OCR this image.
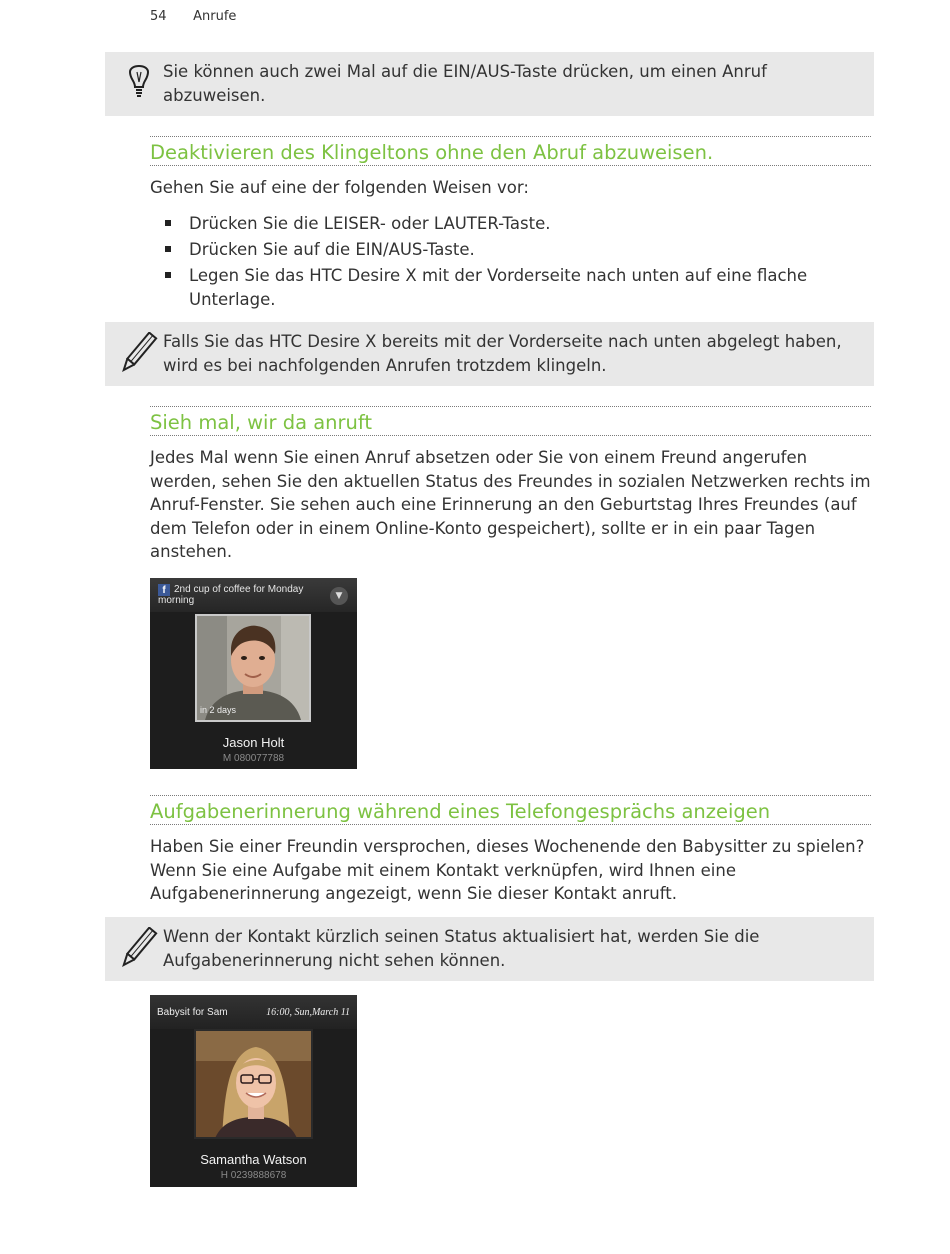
54 Anrufe
Sie können auch zwei Mal auf die EIN/AUS-Taste drücken, um einen Anruf abzuweisen.
Deaktivieren des Klingeltons ohne den Abruf abzuweisen.
Gehen Sie auf eine der folgenden Weisen vor:
Drücken Sie die LEISER- oder LAUTER-Taste.
Drücken Sie auf die EIN/AUS-Taste.
Legen Sie das HTC Desire X mit der Vorderseite nach unten auf eine flache Unterlage.
Falls Sie das HTC Desire X bereits mit der Vorderseite nach unten abgelegt haben, wird es bei nachfolgenden Anrufen trotzdem klingeln.
Sieh mal, wir da anruft
Jedes Mal wenn Sie einen Anruf absetzen oder Sie von einem Freund angerufen werden, sehen Sie den aktuellen Status des Freundes in sozialen Netzwerken rechts im Anruf-Fenster. Sie sehen auch eine Erinnerung an den Geburtstag Ihres Freundes (auf dem Telefon oder in einem Online-Konto gespeichert), sollte er in ein paar Tagen anstehen.
f 2nd cup of coffee for Monday morning	▼
in 2 days
Jason Holt
M 080077788
Aufgabenerinnerung während eines Telefongesprächs anzeigen
Haben Sie einer Freundin versprochen, dieses Wochenende den Babysitter zu spielen? Wenn Sie eine Aufgabe mit einem Kontakt verknüpfen, wird Ihnen eine Aufgabenerinnerung angezeigt, wenn Sie dieser Kontakt anruft.
Wenn der Kontakt kürzlich seinen Status aktualisiert hat, werden Sie die Aufgabenerinnerung nicht sehen können.
Babysit for Sam	16:00, Sun,March 11
Samantha Watson
H 0239888678
